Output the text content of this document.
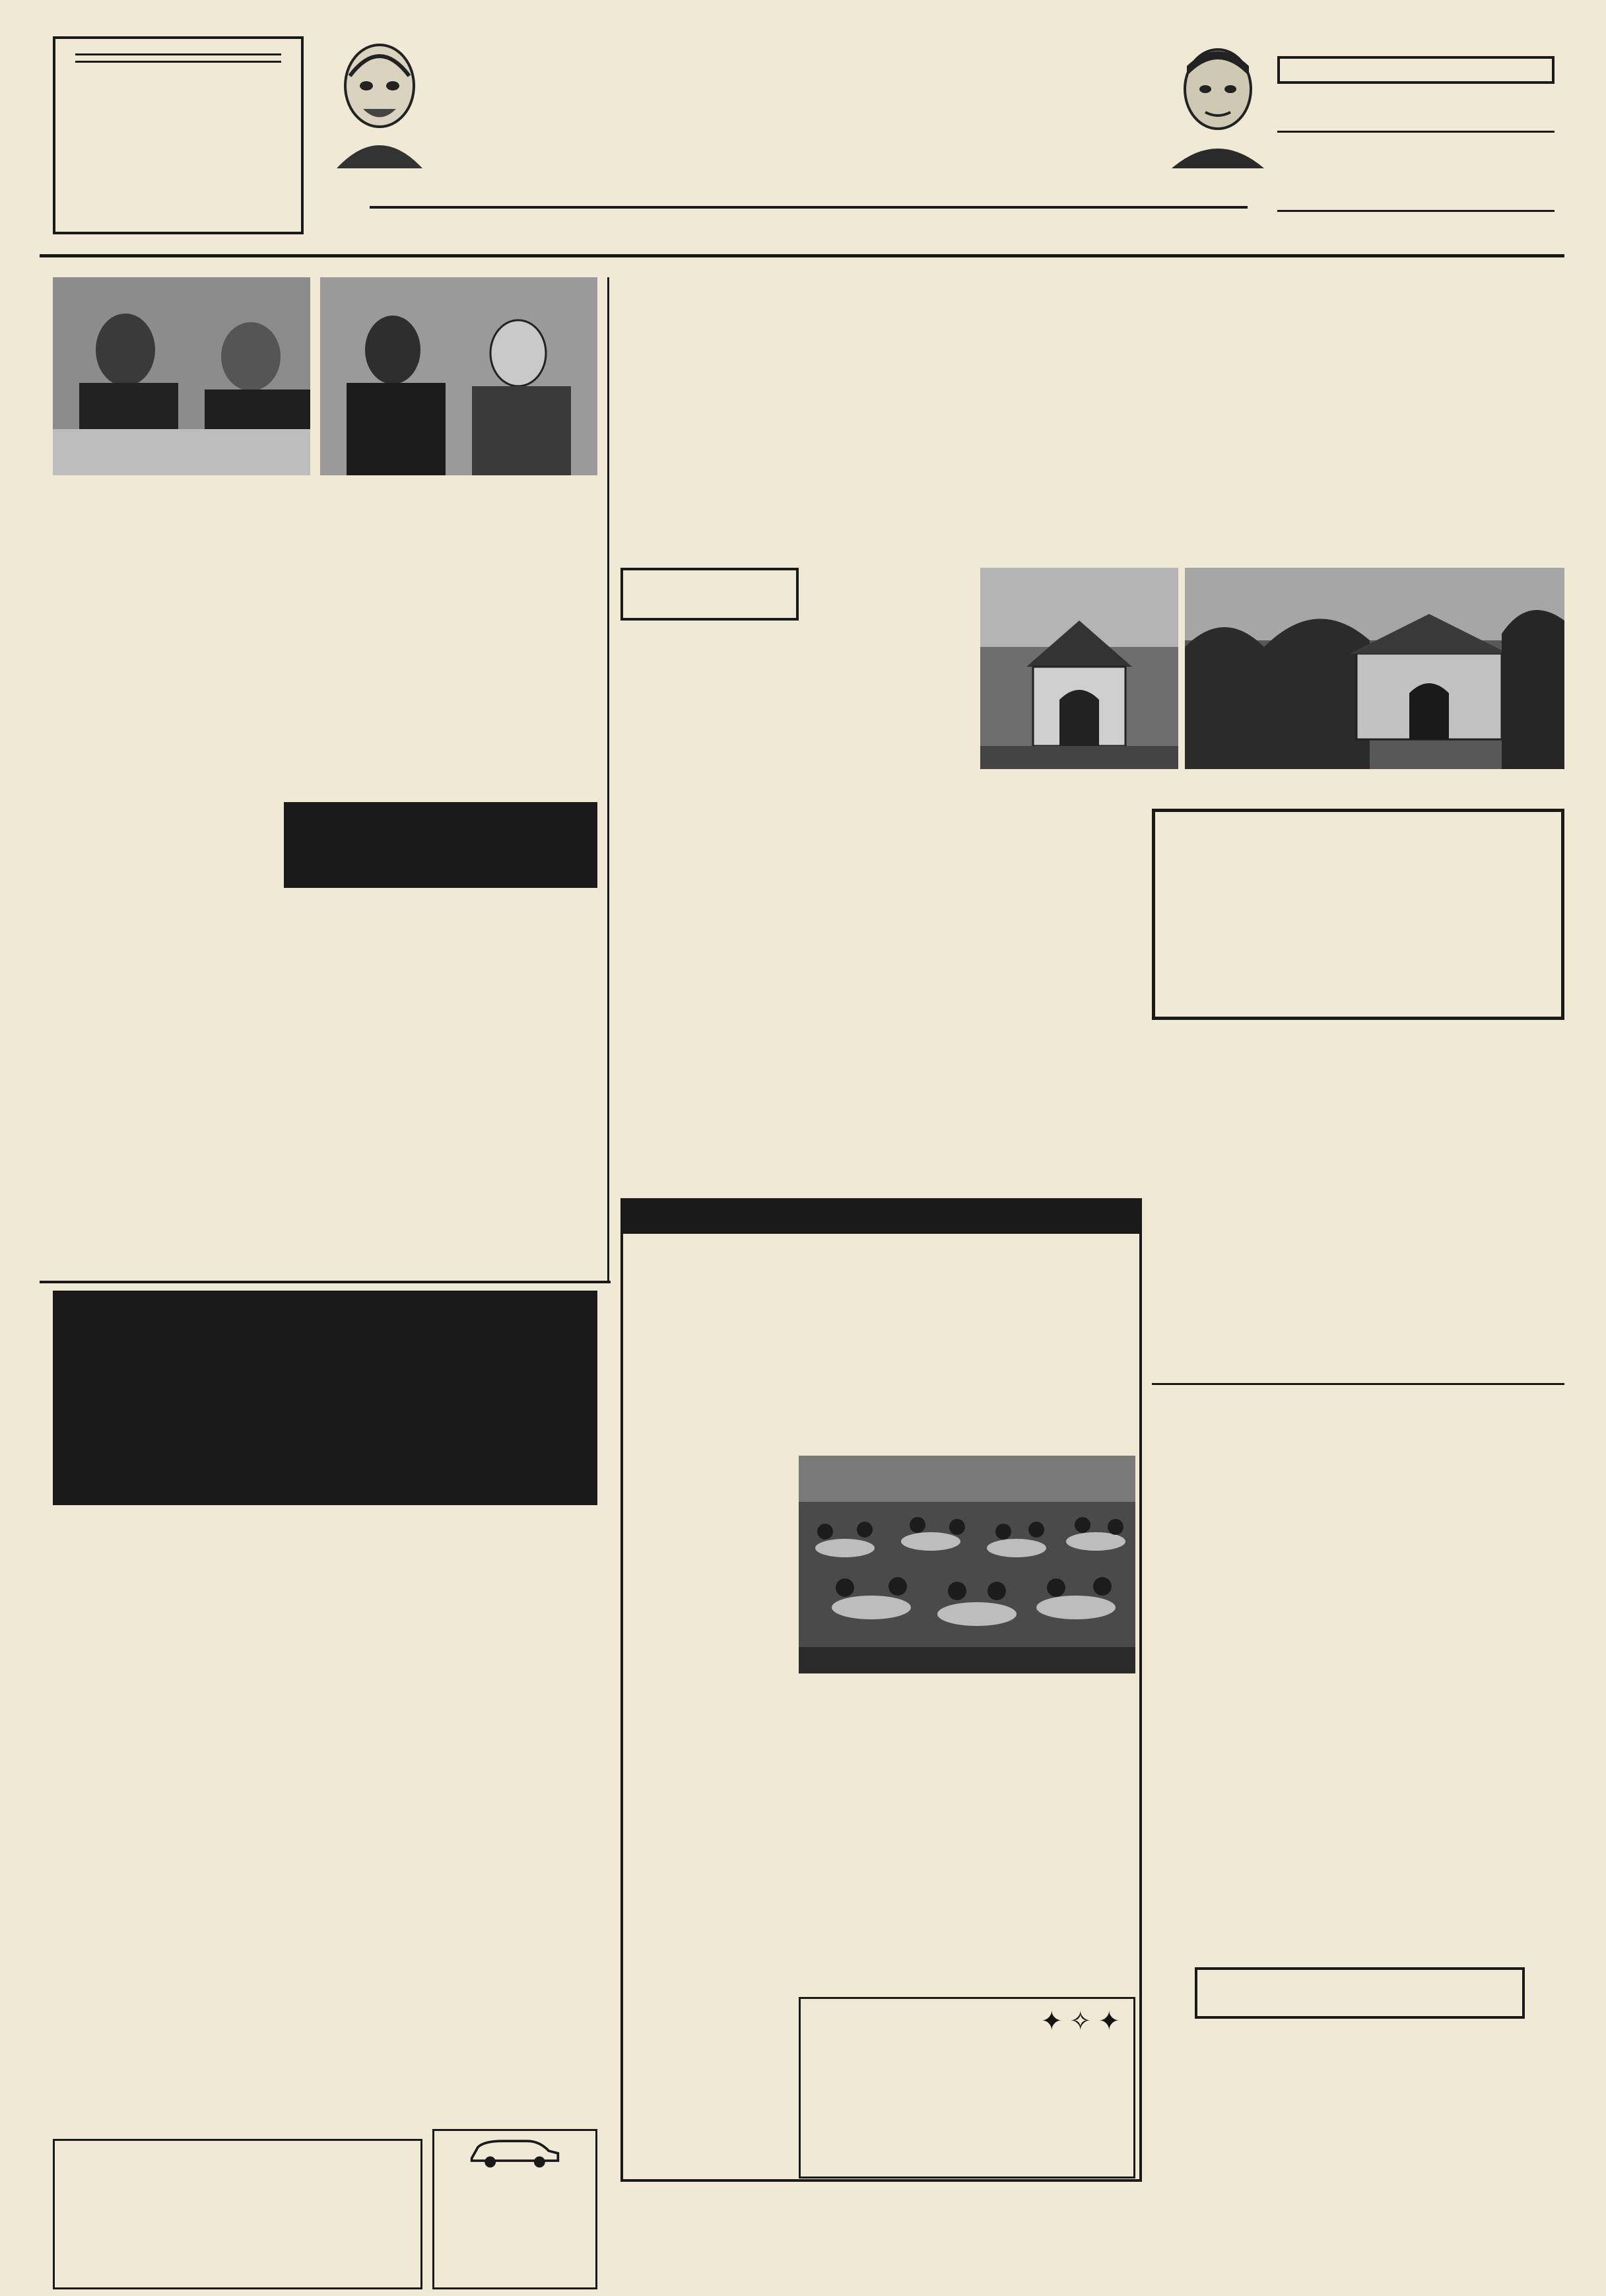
✦ ✧ ✦
